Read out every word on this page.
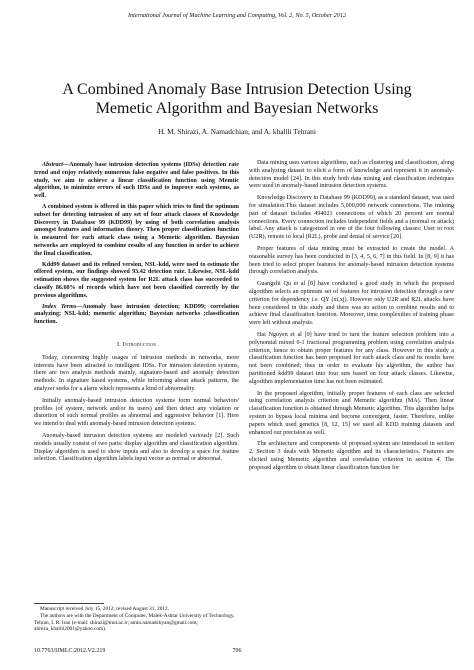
International Journal of Machine Learning and Computing, Vol. 2, No. 5, October 2012
A Combined Anomaly Base Intrusion Detection Using Memetic Algorithm and Bayesian Networks
H. M. Shirazi, A. Namadchian, and A. khalili Tehrani

Abstract—Anomaly base intrusion detection systems (IDSs) detection rate trend and enjoy relatively numerous false negative and false positives. In this study, we aim to achieve a linear classification function using Memtic algorithm, to minimize errors of such IDSs and to improve such systems, as well.

A combined system is offered in this paper which tries to find the optimum subset for detecting intrusion of any set of four attack classes of Knowledge Discovery in Database 99 (KDD99) by using of both correlation analysis amongst features and information theory. Then proper classification function is measured for each attack class using a Memetic algorithm. Bayesian networks are employed to combine results of any function in order to achieve the final classification.

Kdd99 dataset and its refined version, NSL-kdd, were used to estimate the offered system, our findings showed 93.42 detection rate. Likewise, NSL-kdd estimation shows the suggested system for R2L attack class has succeeded to classify 86.60% of records which have not been classified correctly by the previous algorithms.

Index Terms—Anomaly base intrusion detection; KDD99; correlation analyzing; NSL-kdd; memetic algorithm; Bayesian networks ;classification function.

I. Introduction

Today, concerning highly usages of intrusion methods in networks, more interests have been attracted to intelligent IDSs. For intrusion detection systems, there are two analysis methods mainly, signature-based and anomaly detection methods. In signature based systems, while informing about attack patterns, the analyzer seeks for a alarm which represents a kind of abnormality.

Initially anomaly-based intrusion detection systems form normal behaviors' profiles (of system, network and/or its users) and then detect any violation or distortion of such normal profiles as abnormal and aggressive behavior [1]. Here we intend to deal with anomaly-based intrusion detection systems.

Anomaly-based intrusion detection systems are modeled variously [2]. Such models usually consist of two parts: display algorithm and classification algorithm. Display algorithm is used to show inputs and also to develop a space for feature selection. Classification algorithm labels input vector as normal or abnormal.

Data mining uses various algorithms, such as clustering and classification, along with analyzing dataset to elicit a form of knowledge and represent it in anomaly-detection model [24]. In this study both data mining and classification techniques were used in anomaly-based intrusion detection systems.

Knowledge Discovery in Database 99 (KDD99), as a standard dataset, was used for simulation.This dataset includes 5,000,000 network connections. The training part of dataset includes 494021 connections of which 20 percent are normal connections. Every connection includes independent fields and a (normal or attack) label. Any attack is categorized in one of the four following classes: User to root (U2R), remote to local (R2L), probe and denial of service [20].

Proper features of data mining must be extracted to create the model. A reasonable survey has been conducted in [3, 4, 5, 6, 7] in this field. In [8, 9] it has been tried to select proper features for anomaly-based intrusion detection systems through correlation analysis.

Guangzhi Qu et al [8] have conducted a good study in which the proposed algorithm selects an optimum set of features for intrusion detection through a new criterion for dependency i.e. QY (xi,xj). However only U2R and R2L attacks have been considered in this study and there was no action to combine results and to achieve final classification function. Moreover, time complexities of training phase were left without analysis.

Hai Nguyen et al [9] have tried to turn the feature selection problem into a polynomial mixed 0-1 fractional programming problem using correlation analysis criterion, hence to obtain proper features for any class. However in this study a classification function has been proposed for each attack class and its results have not been combined; thus in order to evaluate his algorithm, the author has partitioned kdd99 dataset into four sets based on four attack classes. Likewise, algorithm implementation time has not been estimated.

In the proposed algorithm, initially proper features of each class are selected using correlation analysis criterion and Memetic algorithm (MA). Then linear classification function is obtained through Memetic algorithm. This algorithm helps system to bypass local minima and become convergent, faster. Therefore, unlike papers which used genetics [8, 12, 15] we used all KDD training datasets and enhanced our precision as well.

The architecture and components of proposed system are introduced in section 2. Section 3 deals with Memetic algorithm and its characteristics. Features are elicited using Memetic algorithm and correlation criterion in section 4. The proposed algorithm to obtain linear classification function for

Manuscript received July 15, 2012; revised August 31, 2012.

The authors are with the Department of Computer, Malek-Ashtar University of Technology, Tehran, I. R. Iran (e-mail: shirazi@mut.ac.ir; amin.namadchyan@gmail.com; alireza_khalili2001@yahoo.com).

10.7763/IJMLC.2012.V2.219	706
